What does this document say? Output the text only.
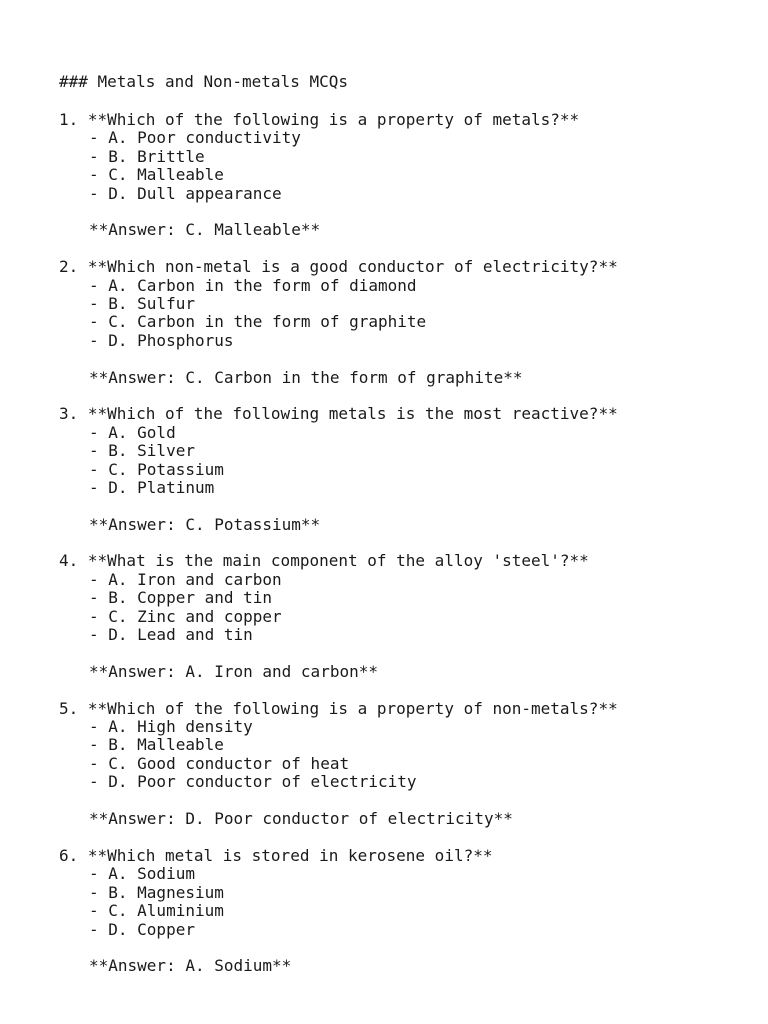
### Metals and Non-metals MCQs

1. **Which of the following is a property of metals?**

- A. Poor conductivity

- B. Brittle

- C. Malleable

- D. Dull appearance

**Answer: C. Malleable**

2. **Which non-metal is a good conductor of electricity?**

- A. Carbon in the form of diamond

- B. Sulfur

- C. Carbon in the form of graphite

- D. Phosphorus

**Answer: C. Carbon in the form of graphite**

3. **Which of the following metals is the most reactive?**

- A. Gold

- B. Silver

- C. Potassium

- D. Platinum

**Answer: C. Potassium**

4. **What is the main component of the alloy 'steel'?**

- A. Iron and carbon

- B. Copper and tin

- C. Zinc and copper

- D. Lead and tin

**Answer: A. Iron and carbon**

5. **Which of the following is a property of non-metals?**

- A. High density

- B. Malleable

- C. Good conductor of heat

- D. Poor conductor of electricity

**Answer: D. Poor conductor of electricity**

6. **Which metal is stored in kerosene oil?**

- A. Sodium

- B. Magnesium

- C. Aluminium

- D. Copper

**Answer: A. Sodium**
